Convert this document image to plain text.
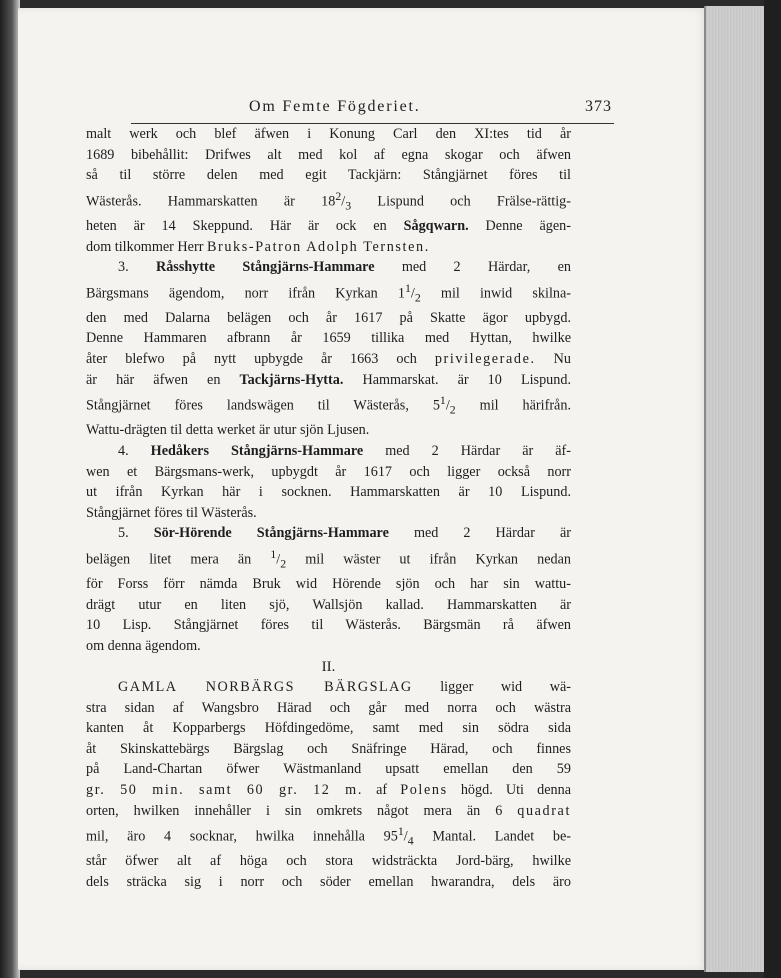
Om Femte Fögderiet.	373

malt werk och blef äfwen i Konung Carl den XI:tes tid år
1689 bibehållit: Drifwes alt med kol af egna skogar och äfwen
så til större delen med egit Tackjärn: Stångjärnet föres til
Wästerås. Hammarskatten är $18^2/_3$ Lispund och Frälse-rättig-
heten är 14 Skeppund. Här är ock en Sågqwarn. Denne ägen-

dom tilkommer Herr Bruks-Patron Adolph Ternsten.

3. Råsshytte Stångjärns-Hammare med 2 Härdar, en
Bärgsmans ägendom, norr ifrån Kyrkan $1^1/_2$ mil inwid skilna-
den med Dalarna belägen och år 1617 på Skatte ägor upbygd.
Denne Hammaren afbrann år 1659 tillika med Hyttan, hwilke
åter blefwo på nytt upbygde år 1663 och privilegerade. Nu
är här äfwen en Tackjärns-Hytta. Hammarskat. är 10 Lispund.
Stångjärnet föres landswägen til Wästerås, $5^1/_2$ mil härifrån.

Wattu-drägten til detta werket är utur sjön Ljusen.

4. Hedåkers Stångjärns-Hammare med 2 Härdar är äf-
wen et Bärgsmans-werk, upbygdt år 1617 och ligger också norr
ut ifrån Kyrkan här i socknen. Hammarskatten är 10 Lispund.

Stångjärnet föres til Wästerås.

5. Sör-Hörende Stångjärns-Hammare med 2 Härdar är
belägen litet mera än $^1/_2$ mil wäster ut ifrån Kyrkan nedan
för Forss förr nämda Bruk wid Hörende sjön och har sin wattu-
drägt utur en liten sjö, Wallsjön kallad. Hammarskatten är
10 Lisp. Stångjärnet föres til Wästerås. Bärgsmän rå äfwen

om denna ägendom.

II.

GAMLA NORBÄRGS BÄRGSLAG ligger wid wä-
stra sidan af Wangsbro Härad och går med norra och wästra
kanten åt Kopparbergs Höfdingedöme, samt med sin södra sida
åt Skinskattebärgs Bärgslag och Snäfringe Härad, och finnes
på Land-Chartan öfwer Wästmanland upsatt emellan den 59
gr. 50 min. samt 60 gr. 12 m. af Polens högd. Uti denna
orten, hwilken innehåller i sin omkrets något mera än 6 quadrat
mil, äro 4 socknar, hwilka innehålla $95^1/_4$ Mantal. Landet be-
står öfwer alt af höga och stora widsträckta Jord-bärg, hwilke
dels sträcka sig i norr och söder emellan hwarandra, dels äro
